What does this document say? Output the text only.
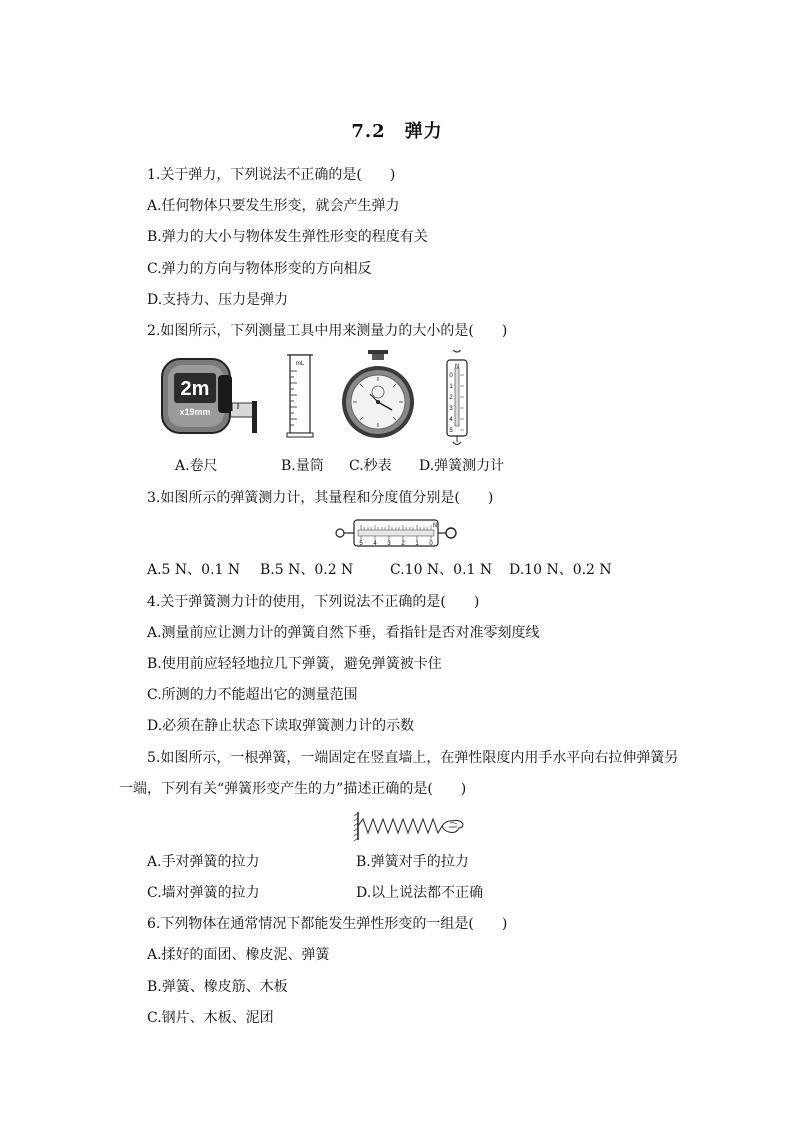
7.2　弹力
1.关于弹力，下列说法不正确的是(　　)
A.任何物体只要发生形变，就会产生弹力
B.弹力的大小与物体发生弹性形变的程度有关
C.弹力的方向与物体形变的方向相反
D.支持力、压力是弹力
2.如图所示，下列测量工具中用来测量力的大小的是(　　)
2m
x19mm
mL	N
0
1
2
3
4
5
A.卷尺	B.量筒 C.秒表 D.弹簧测力计
3.如图所示的弹簧测力计，其量程和分度值分别是(　　)
5 4 3 2 1 0
N
A.5 N、0.1 N B.5 N、0.2 N	C.10 N、0.1 N D.10 N、0.2 N
4.关于弹簧测力计的使用，下列说法不正确的是(　　)
A.测量前应让测力计的弹簧自然下垂，看指针是否对准零刻度线
B.使用前应轻轻地拉几下弹簧，避免弹簧被卡住
C.所测的力不能超出它的测量范围
D.必须在静止状态下读取弹簧测力计的示数
5.如图所示，一根弹簧，一端固定在竖直墙上，在弹性限度内用手水平向右拉伸弹簧另
一端，下列有关“弹簧形变产生的力”描述正确的是(　　)
A.手对弹簧的拉力	B.弹簧对手的拉力
C.墙对弹簧的拉力	D.以上说法都不正确
6.下列物体在通常情况下都能发生弹性形变的一组是(　　)
A.揉好的面团、橡皮泥、弹簧
B.弹簧、橡皮筋、木板
C.钢片、木板、泥团
